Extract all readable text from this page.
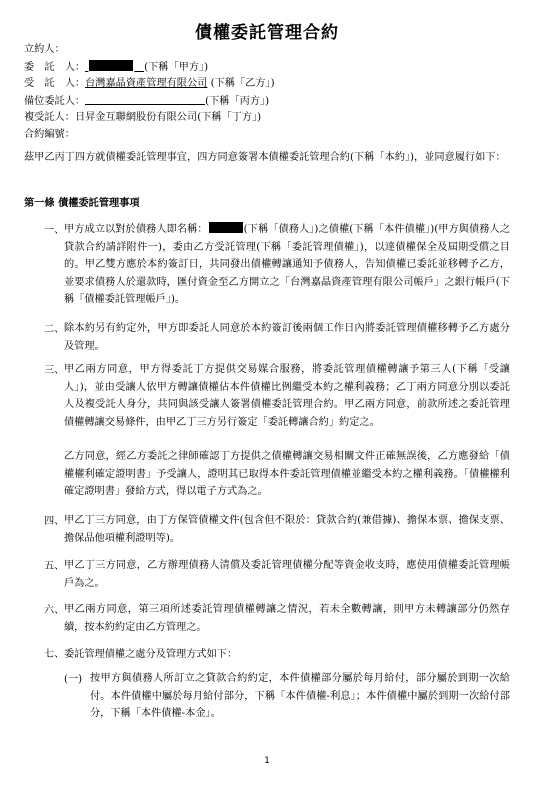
債權委託管理合約
立約人：
委　託　人：	(下稱「甲方」)
受　託　人：台灣嘉晶資產管理有限公司 (下稱「乙方」)
備位委託人：	(下稱「丙方」)
複受託人：日昇金互聯網股份有限公司(下稱「丁方」)
合約編號：
茲甲乙丙丁四方就債權委託管理事宜，四方同意簽署本債權委託管理合約(下稱「本約」)，並同意履行如下：
第一條 債權委託管理事項
一、 甲方成立以對於債務人即名稱：	(下稱「債務人」)之債權(下稱「本件債權」)(甲方與債務人之貸款合約請詳附件一)，委由乙方受託管理(下稱「委託管理債權」)，以達債權保全及屆期受償之目的。甲乙雙方應於本約簽訂日，共同發出債權轉讓通知予債務人，告知債權已委託並移轉予乙方，並要求債務人於還款時，匯付資金至乙方開立之「台灣嘉晶資產管理有限公司帳戶」之銀行帳戶(下稱「債權委託管理帳戶」)。
二、 除本約另有約定外，甲方即委託人同意於本約簽訂後兩個工作日內將委託管理債權移轉予乙方處分及管理。
三、 甲乙兩方同意，甲方得委託丁方提供交易媒合服務，將委託管理債權轉讓予第三人(下稱「受讓人」)，並由受讓人依甲方轉讓債權佔本件債權比例繼受本約之權利義務；乙丁兩方同意分別以委託人及複受託人身分，共同與該受讓人簽署債權委託管理合約。甲乙兩方同意，前款所述之委託管理債權轉讓交易條件，由甲乙丁三方另行簽定「委託轉讓合約」約定之。
乙方同意，經乙方委託之律師確認丁方提供之債權轉讓交易相關文件正確無誤後，乙方應發給「債權權利確定證明書」予受讓人，證明其已取得本件委託管理債權並繼受本約之權利義務。「債權權利確定證明書」發給方式，得以電子方式為之。
四、 甲乙丁三方同意，由丁方保管債權文件(包含但不限於：貸款合約(兼借據)、擔保本票、擔保支票、擔保品他項權利證明等)。
五、 甲乙丁三方同意，乙方辦理債務人清償及委託管理債權分配等資金收支時，應使用債權委託管理帳戶為之。
六、 甲乙兩方同意，第三項所述委託管理債權轉讓之情況，若未全數轉讓，則甲方未轉讓部分仍然存續，按本約約定由乙方管理之。
七、 委託管理債權之處分及管理方式如下：
(一) 按甲方與債務人所訂立之貸款合約約定，本件債權部分屬於每月給付，部分屬於到期一次給付。本件債權中屬於每月給付部分，下稱「本件債權-利息」；本件債權中屬於到期一次給付部分，下稱「本件債權-本金」。
1
